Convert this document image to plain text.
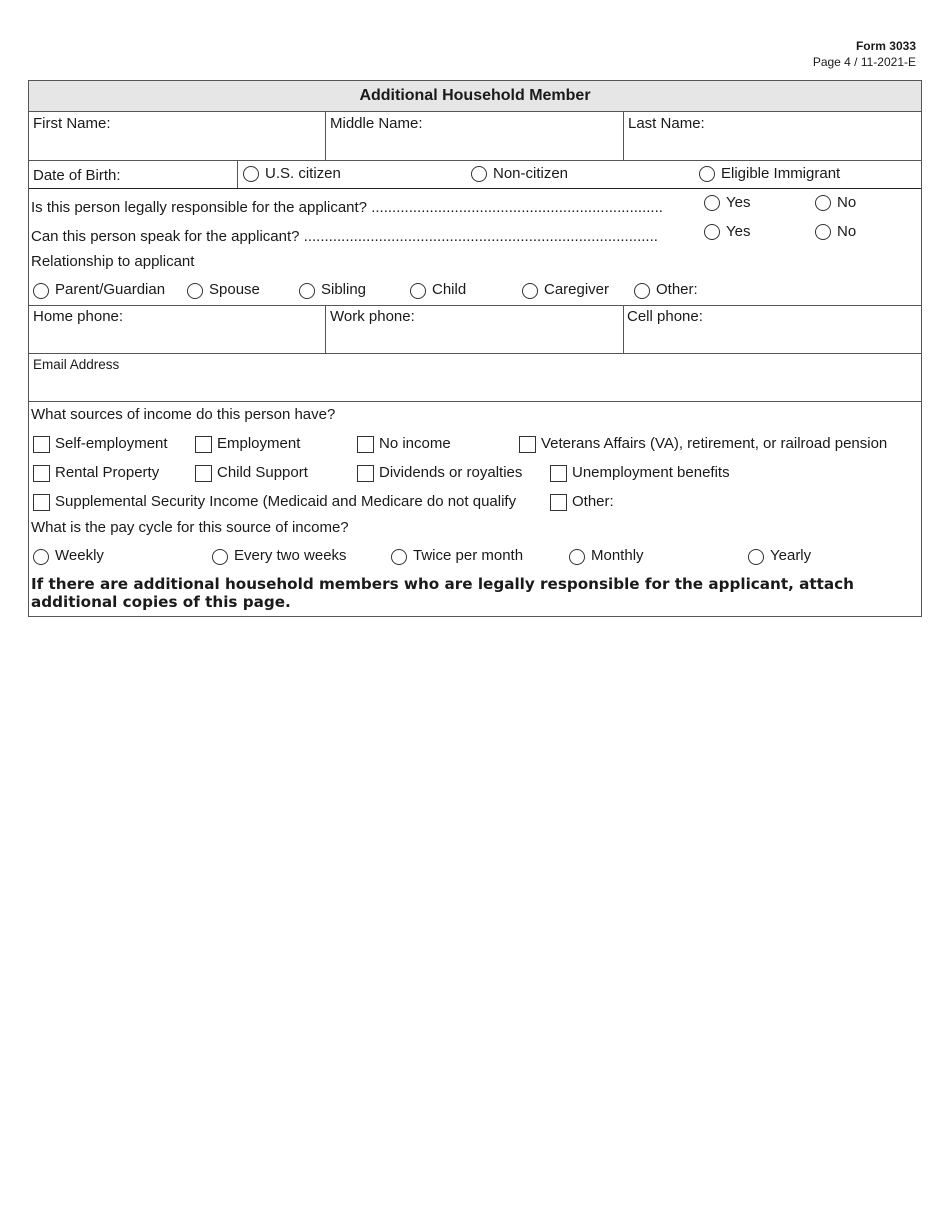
Form 3033
Page 4 / 11-2021-E
Additional Household Member
First Name:	Middle Name:	Last Name:
Date of Birth:	U.S. citizen	Non-citizen	Eligible Immigrant
Is this person legally responsible for the applicant? ......................................................................	Yes	No
Can this person speak for the applicant? .....................................................................................	Yes	No
Relationship to applicant
Parent/Guardian	Spouse	Sibling	Child	Caregiver	Other:
Home phone:	Work phone:	Cell phone:
Email Address
What sources of income do this person have?
Self-employment	Employment	No income	Veterans Affairs (VA), retirement, or railroad pension
Rental Property	Child Support	Dividends or royalties	Unemployment benefits
Supplemental Security Income (Medicaid and Medicare do not qualify	Other:
What is the pay cycle for this source of income?
Weekly	Every two weeks	Twice per month	Monthly	Yearly
If there are additional household members who are legally responsible for the applicant, attach additional copies of this page.
